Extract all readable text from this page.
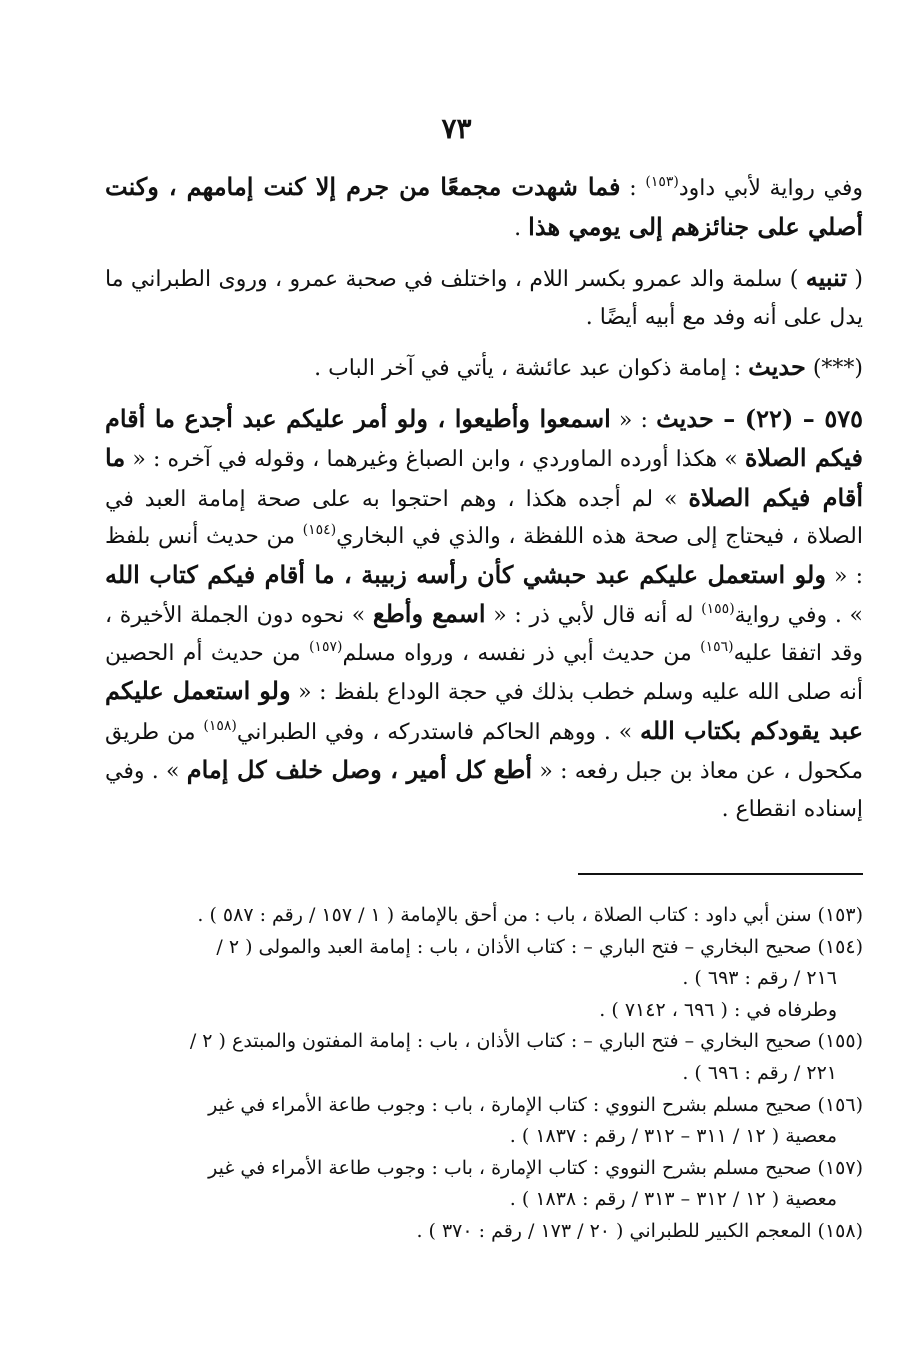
٧٣

وفي رواية لأبي داود$^{(١٥٣)}$ : فما شهدت مجمعًا من جرم إلا كنت إمامهم ، وكنت أصلي على جنائزهم إلى يومي هذا .

( تنبيه ) سلمة والد عمرو بكسر اللام ، واختلف في صحبة عمرو ، وروى الطبراني ما يدل على أنه وفد مع أبيه أيضًا .

(***) حديث : إمامة ذكوان عبد عائشة ، يأتي في آخر الباب .

٥٧٥ – (٢٢) – حديث : « اسمعوا وأطيعوا ، ولو أمر عليكم عبد أجدع ما أقام فيكم الصلاة » هكذا أورده الماوردي ، وابن الصباغ وغيرهما ، وقوله في آخره : « ما أقام فيكم الصلاة » لم أجده هكذا ، وهم احتجوا به على صحة إمامة العبد في الصلاة ، فيحتاج إلى صحة هذه اللفظة ، والذي في البخاري$^{(١٥٤)}$ من حديث أنس بلفظ : « ولو استعمل عليكم عبد حبشي كأن رأسه زبيبة ، ما أقام فيكم كتاب الله » . وفي رواية$^{(١٥٥)}$ له أنه قال لأبي ذر : « اسمع وأطع » نحوه دون الجملة الأخيرة ، وقد اتفقا عليه$^{(١٥٦)}$ من حديث أبي ذر نفسه ، ورواه مسلم$^{(١٥٧)}$ من حديث أم الحصين أنه صلى الله عليه وسلم خطب بذلك في حجة الوداع بلفظ : « ولو استعمل عليكم عبد يقودكم بكتاب الله » . ووهم الحاكم فاستدركه ، وفي الطبراني$^{(١٥٨)}$ من طريق مكحول ، عن معاذ بن جبل رفعه : « أطع كل أمير ، وصل خلف كل إمام » . وفي إسناده انقطاع .

(١٥٣) سنن أبي داود : كتاب الصلاة ، باب : من أحق بالإمامة ( ١ / ١٥٧ / رقم : ٥٨٧ ) .

(١٥٤) صحيح البخاري – فتح الباري – : كتاب الأذان ، باب : إمامة العبد والمولى ( ٢ /

٢١٦ / رقم : ٦٩٣ ) .

وطرفاه في : ( ٦٩٦ ، ٧١٤٢ ) .

(١٥٥) صحيح البخاري – فتح الباري – : كتاب الأذان ، باب : إمامة المفتون والمبتدع ( ٢ /

٢٢١ / رقم : ٦٩٦ ) .

(١٥٦) صحيح مسلم بشرح النووي : كتاب الإمارة ، باب : وجوب طاعة الأمراء في غير

معصية ( ١٢ / ٣١١ – ٣١٢ / رقم : ١٨٣٧ ) .

(١٥٧) صحيح مسلم بشرح النووي : كتاب الإمارة ، باب : وجوب طاعة الأمراء في غير

معصية ( ١٢ / ٣١٢ – ٣١٣ / رقم : ١٨٣٨ ) .

(١٥٨) المعجم الكبير للطبراني ( ٢٠ / ١٧٣ / رقم : ٣٧٠ ) .
